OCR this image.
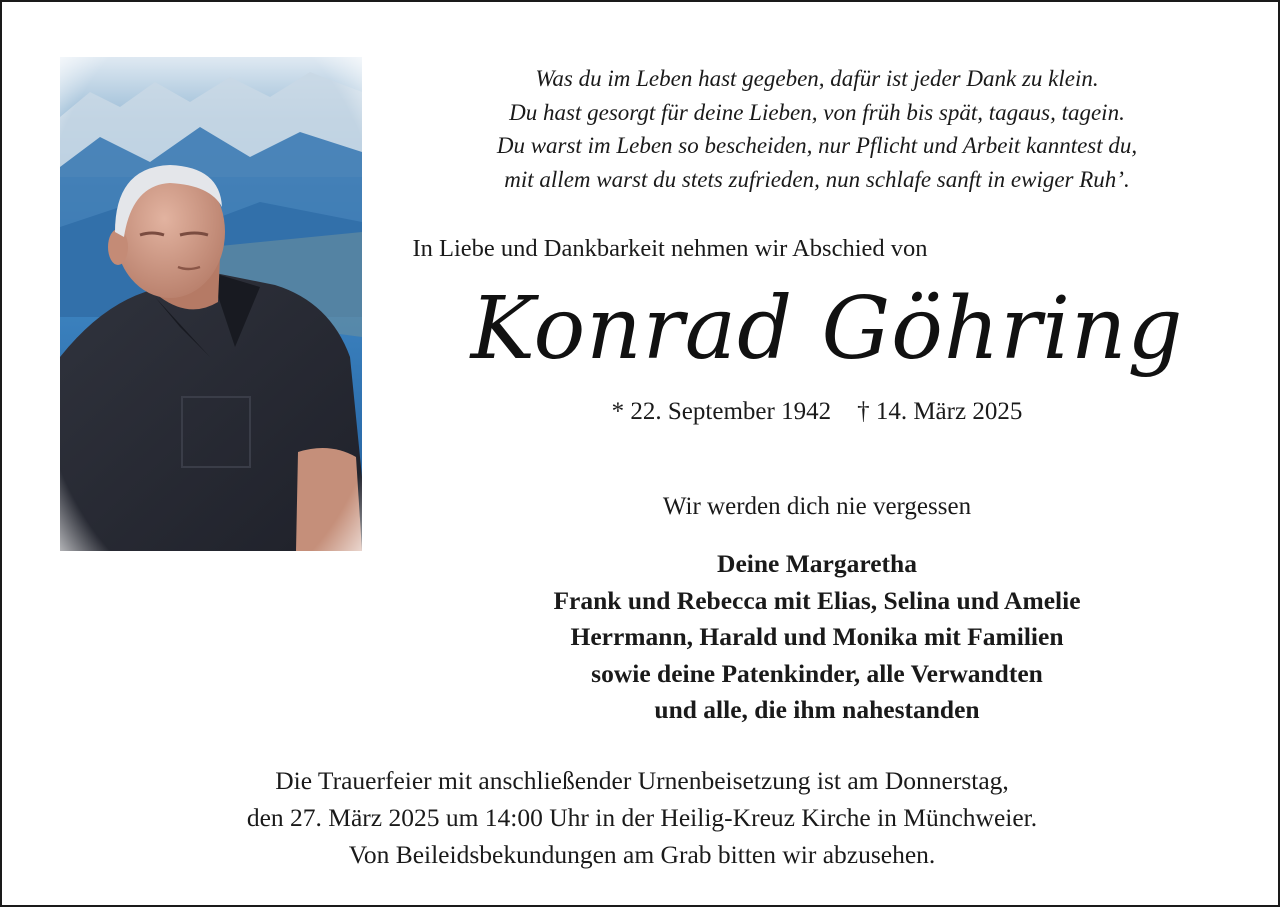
Was du im Leben hast gegeben, dafür ist jeder Dank zu klein.
Du hast gesorgt für deine Lieben, von früh bis spät, tagaus, tagein.
Du warst im Leben so bescheiden, nur Pflicht und Arbeit kanntest du,
mit allem warst du stets zufrieden, nun schlafe sanft in ewiger Ruh’.
In Liebe und Dankbarkeit nehmen wir Abschied von
Konrad Göhring
* 22. September 1942 † 14. März 2025
Wir werden dich nie vergessen
Deine Margaretha
Frank und Rebecca mit Elias, Selina und Amelie
Herrmann, Harald und Monika mit Familien
sowie deine Patenkinder, alle Verwandten
und alle, die ihm nahestanden
Die Trauerfeier mit anschließender Urnenbeisetzung ist am Donnerstag,
den 27. März 2025 um 14:00 Uhr in der Heilig-Kreuz Kirche in Münchweier.
Von Beileidsbekundungen am Grab bitten wir abzusehen.
